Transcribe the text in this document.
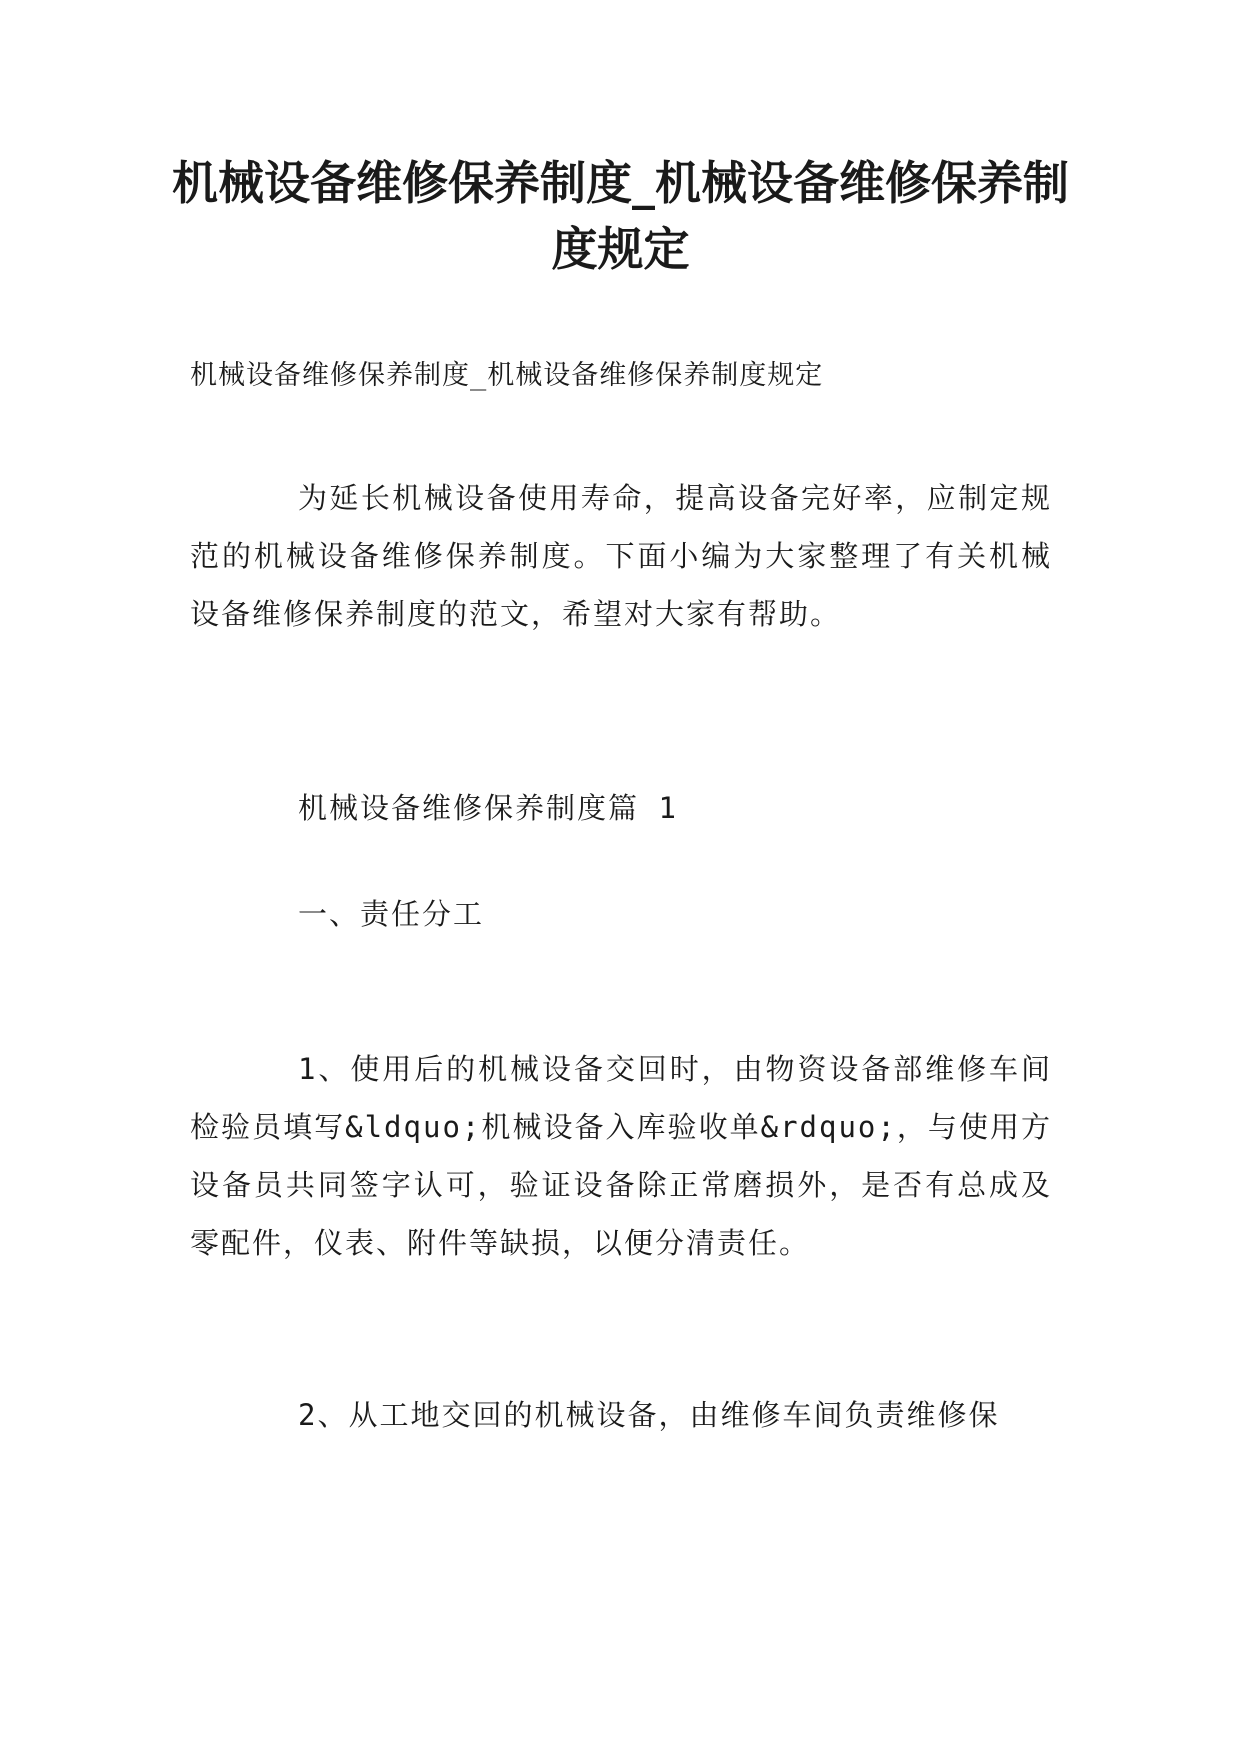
机械设备维修保养制度_机械设备维修保养制度规定

机械设备维修保养制度_机械设备维修保养制度规定

为延长机械设备使用寿命，提高设备完好率，应制定规范的机械设备维修保养制度。下面小编为大家整理了有关机械设备维修保养制度的范文，希望对大家有帮助。

机械设备维修保养制度篇 1

一、责任分工

1、使用后的机械设备交回时，由物资设备部维修车间检验员填写&ldquo;机械设备入库验收单&rdquo;，与使用方设备员共同签字认可，验证设备除正常磨损外，是否有总成及零配件，仪表、附件等缺损，以便分清责任。

2、从工地交回的机械设备，由维修车间负责维修保
